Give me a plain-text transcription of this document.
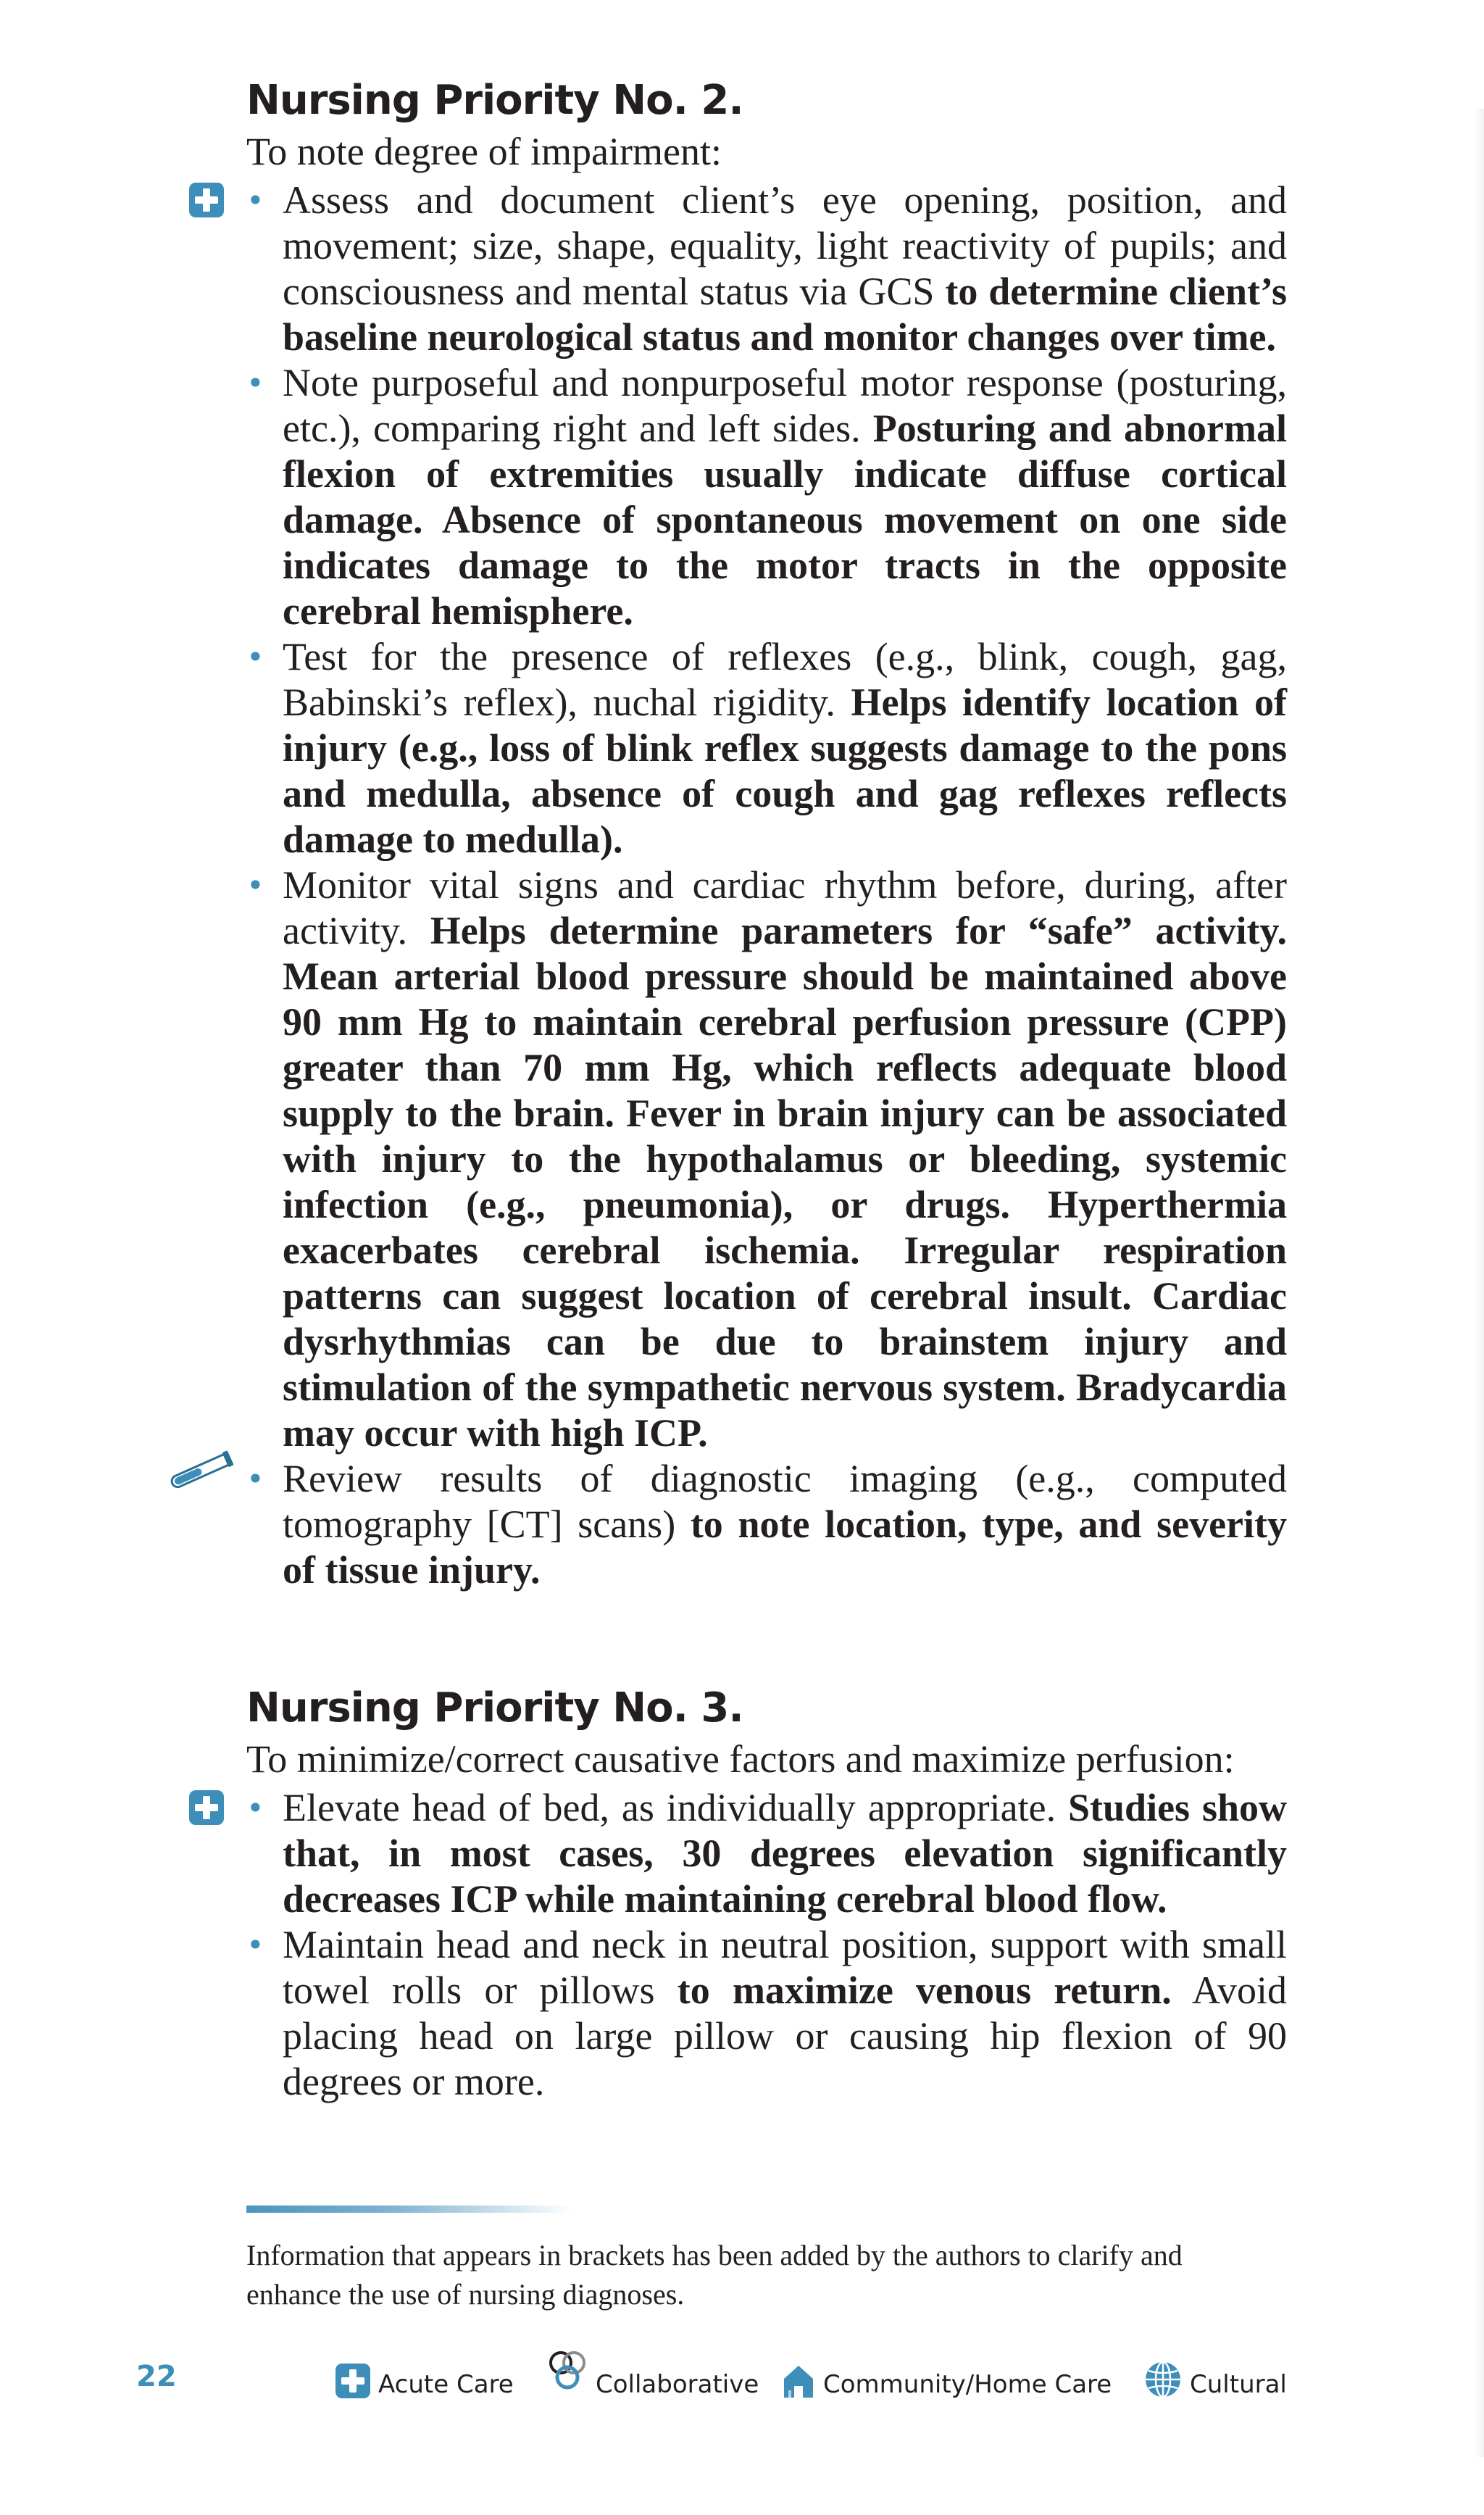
Nursing Priority No. 2.

To note degree of impairment:

• Assess and document client’s eye opening, position, and movement; size, shape, equality, light reactivity of pupils; and consciousness and mental status via GCS to determine client’s baseline neurological status and monitor changes over time.
• Note purposeful and nonpurposeful motor response (posturing, etc.), comparing right and left sides. Posturing and abnormal flexion of extremities usually indicate diffuse cortical damage. Absence of spontaneous movement on one side indicates damage to the motor tracts in the opposite cerebral hemisphere.
• Test for the presence of reflexes (e.g., blink, cough, gag, Babinski’s reflex), nuchal rigidity. Helps identify location of injury (e.g., loss of blink reflex suggests damage to the pons and medulla, absence of cough and gag reflexes reflects damage to medulla).
• Monitor vital signs and cardiac rhythm before, during, after activity. Helps determine parameters for “safe” activity. Mean arterial blood pressure should be maintained above 90 mm Hg to maintain cerebral perfusion pressure (CPP) greater than 70 mm Hg, which reflects adequate blood supply to the brain. Fever in brain injury can be associated with injury to the hypothalamus or bleeding, systemic infection (e.g., pneumonia), or drugs. Hyperthermia exacerbates cerebral ischemia. Irregular respiration patterns can suggest location of cerebral insult. Cardiac dysrhythmias can be due to brainstem injury and stimulation of the sympathetic nervous system. Bradycardia may occur with high ICP.
• Review results of diagnostic imaging (e.g., computed tomography [CT] scans) to note location, type, and severity of tissue injury.
Nursing Priority No. 3.

To minimize/correct causative factors and maximize perfusion:

• Elevate head of bed, as individually appropriate. Studies show that, in most cases, 30 degrees elevation significantly decreases ICP while maintaining cerebral blood flow.
• Maintain head and neck in neutral position, support with small towel rolls or pillows to maximize venous return. Avoid placing head on large pillow or causing hip flexion of 90 degrees or more.

Information that appears in brackets has been added by the authors to clarify and enhance the use of nursing diagnoses.

22	Acute Care	Collaborative	Community/Home Care	Cultural
